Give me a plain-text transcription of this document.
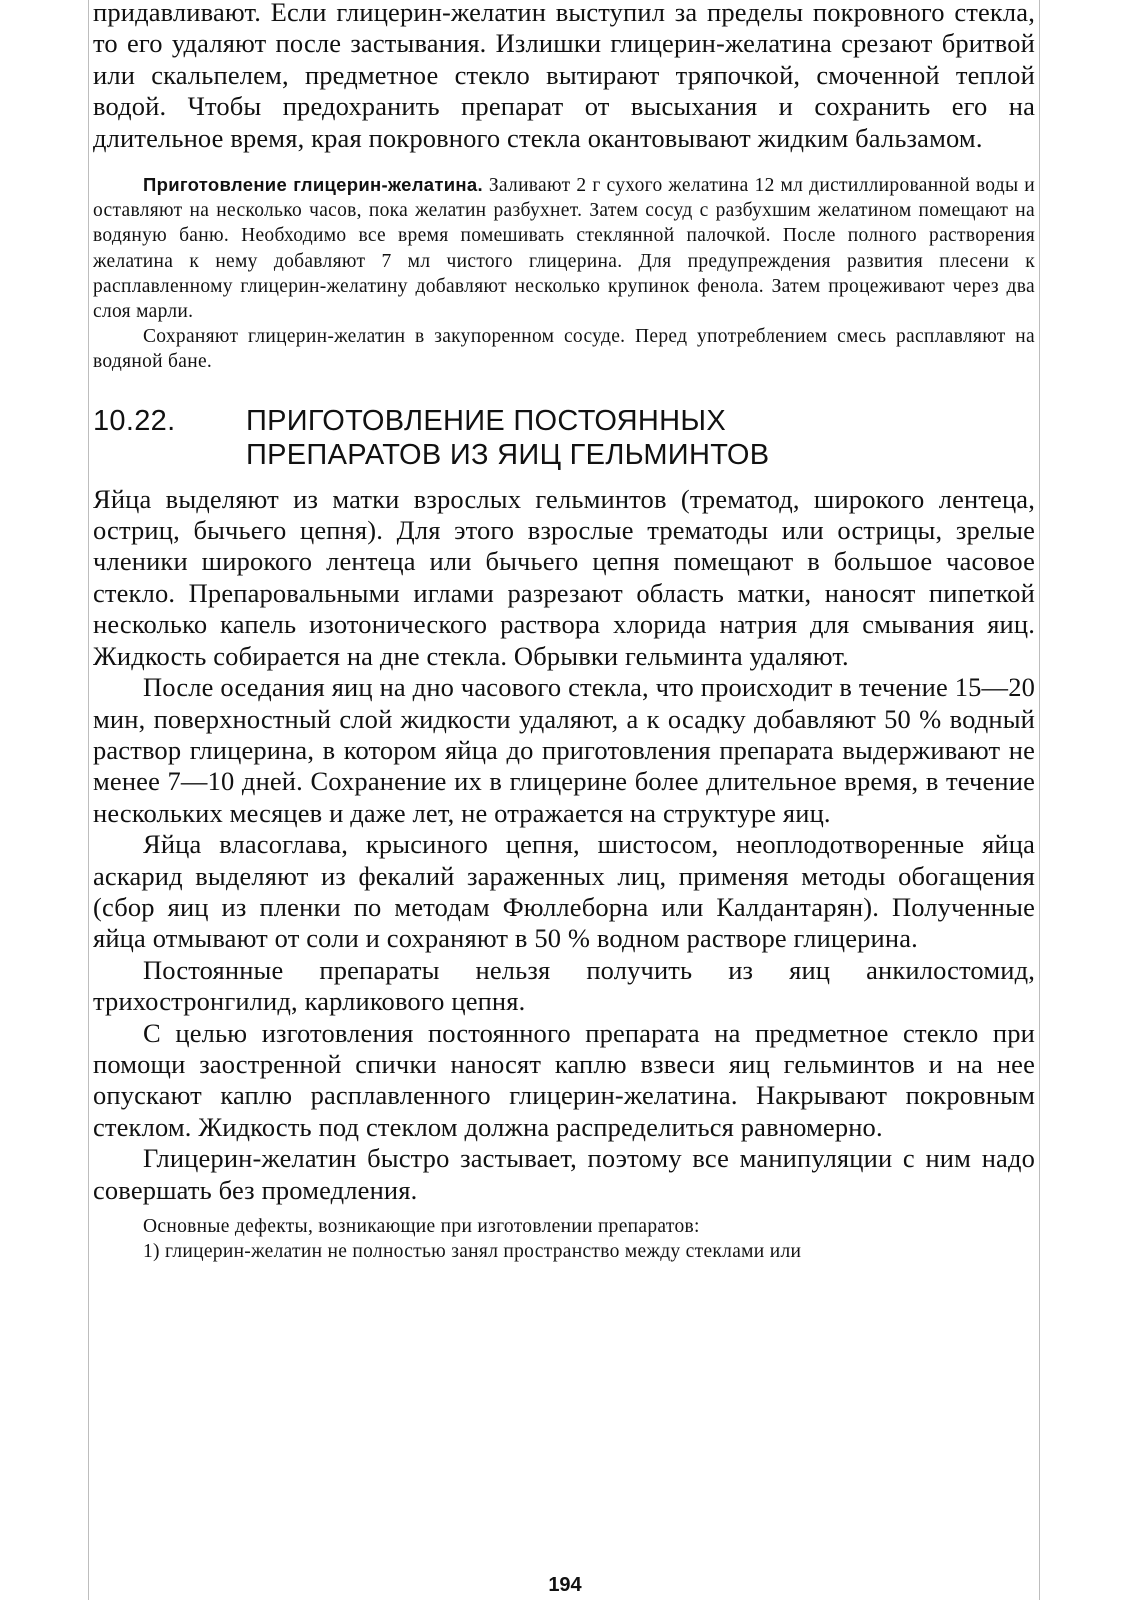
придавливают. Если глицерин-желатин выступил за пределы покровного стекла, то его удаляют после застывания. Излишки глицерин-желатина срезают бритвой или скальпелем, предметное стекло вытирают тряпочкой, смоченной теплой водой. Чтобы предохранить препарат от высыхания и сохранить его на длительное время, края покровного стекла окантовывают жидким бальзамом.

Приготовление глицерин-желатина. Заливают 2 г сухого желатина 12 мл дистиллированной воды и оставляют на несколько часов, пока желатин разбухнет. Затем сосуд с разбухшим желатином помещают на водяную баню. Необходимо все время помешивать стеклянной палочкой. После полного растворения желатина к нему добавляют 7 мл чистого глицерина. Для предупреждения развития плесени к расплавленному глицерин-желатину добавляют несколько крупинок фенола. Затем процеживают через два слоя марли.

Сохраняют глицерин-желатин в закупоренном сосуде. Перед употреблением смесь расплавляют на водяной бане.

10.22.	ПРИГОТОВЛЕНИЕ ПОСТОЯННЫХ
ПРЕПАРАТОВ ИЗ ЯИЦ ГЕЛЬМИНТОВ

Яйца выделяют из матки взрослых гельминтов (трематод, широкого лентеца, остриц, бычьего цепня). Для этого взрослые трематоды или острицы, зрелые членики широкого лентеца или бычьего цепня помещают в большое часовое стекло. Препаровальными иглами разрезают область матки, наносят пипеткой несколько капель изотонического раствора хлорида натрия для смывания яиц. Жидкость собирается на дне стекла. Обрывки гельминта удаляют.

После оседания яиц на дно часового стекла, что происходит в течение 15—20 мин, поверхностный слой жидкости удаляют, а к осадку добавляют 50 % водный раствор глицерина, в котором яйца до приготовления препарата выдерживают не менее 7—10 дней. Сохранение их в глицерине более длительное время, в течение нескольких месяцев и даже лет, не отражается на структуре яиц.

Яйца власоглава, крысиного цепня, шистосом, неоплодотворенные яйца аскарид выделяют из фекалий зараженных лиц, применяя методы обогащения (сбор яиц из пленки по методам Фюллеборна или Калдантарян). Полученные яйца отмывают от соли и сохраняют в 50 % водном растворе глицерина.

Постоянные препараты нельзя получить из яиц анкилостомид, трихостронгилид, карликового цепня.

С целью изготовления постоянного препарата на предметное стекло при помощи заостренной спички наносят каплю взвеси яиц гельминтов и на нее опускают каплю расплавленного глицерин-желатина. Накрывают покровным стеклом. Жидкость под стеклом должна распределиться равномерно.

Глицерин-желатин быстро застывает, поэтому все манипуляции с ним надо совершать без промедления.

Основные дефекты, возникающие при изготовлении препаратов:

1) глицерин-желатин не полностью занял пространство между стеклами или

194
